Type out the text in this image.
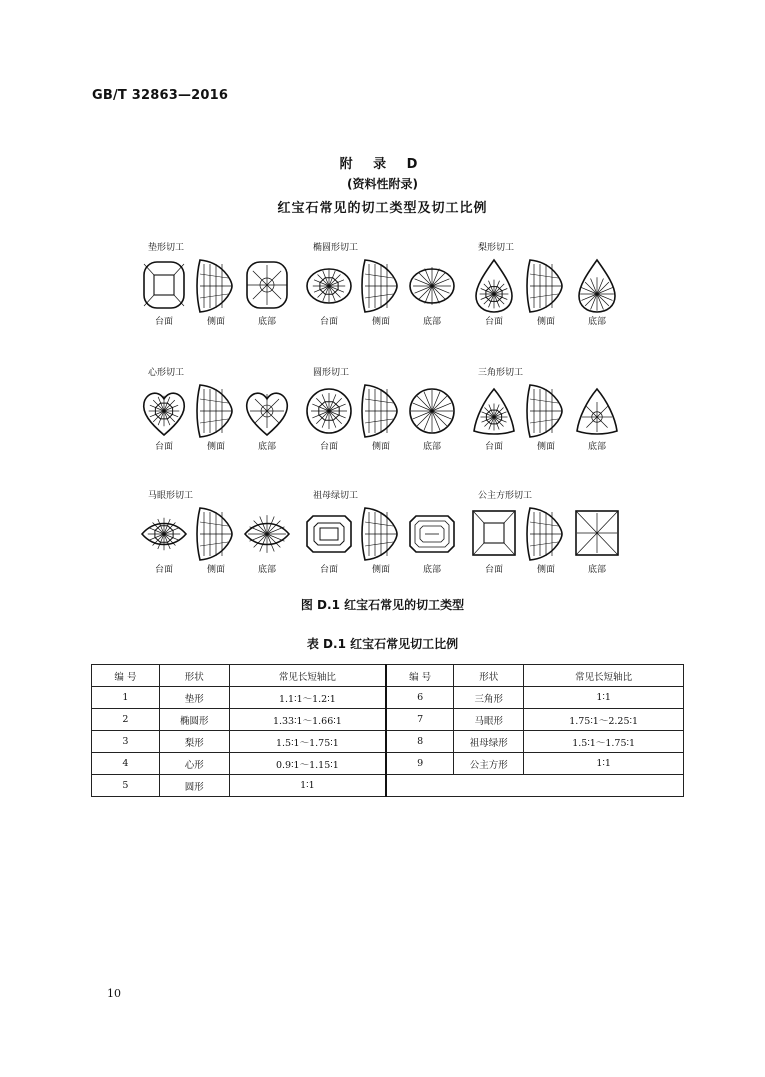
GB/T 32863—2016
附 录 D
(资料性附录)
红宝石常见的切工类型及切工比例
垫形切工
台面	侧面	底部
椭圆形切工
台面	侧面	底部
梨形切工
台面	侧面	底部
心形切工
台面	侧面	底部
圆形切工
台面	侧面	底部
三角形切工
台面	侧面	底部
马眼形切工
台面	侧面	底部
祖母绿切工
台面	侧面	底部
公主方形切工
台面	侧面	底部
图 D.1 红宝石常见的切工类型
表 D.1 红宝石常见切工比例
编 号	形状	常见长短轴比	编 号	形状	常见长短轴比
1	垫形	1.1∶1～1.2∶1	6	三角形	1∶1
2	椭圆形	1.33∶1～1.66∶1	7	马眼形	1.75∶1～2.25∶1
3	梨形	1.5∶1～1.75∶1	8	祖母绿形	1.5∶1～1.75∶1
4	心形	0.9∶1～1.15∶1	9	公主方形	1∶1
5	圆形	1∶1			
10
